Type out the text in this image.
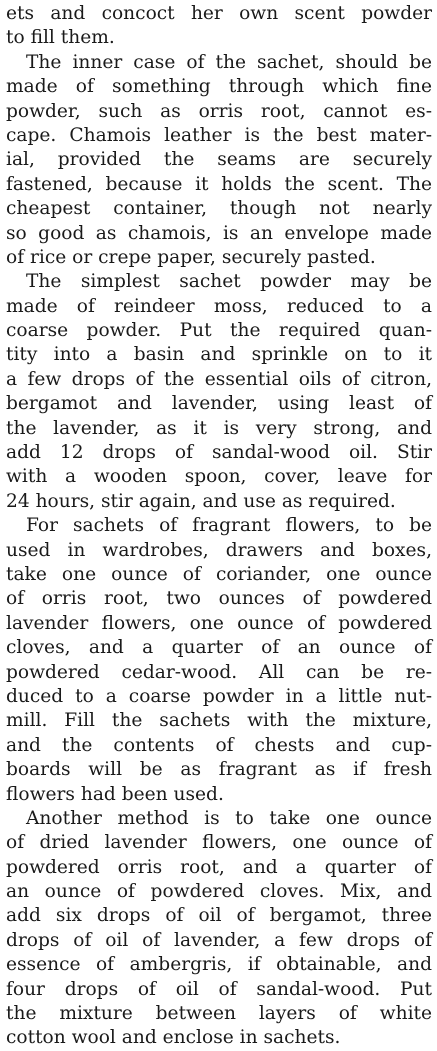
ets and concoct her own scent powder
to fill them.
The inner case of the sachet, should be
made of something through which fine
powder, such as orris root, cannot es-
cape. Chamois leather is the best mater-
ial, provided the seams are securely
fastened, because it holds the scent. The
cheapest container, though not nearly
so good as chamois, is an envelope made
of rice or crepe paper, securely pasted.
The simplest sachet powder may be
made of reindeer moss, reduced to a
coarse powder. Put the required quan-
tity into a basin and sprinkle on to it
a few drops of the essential oils of citron,
bergamot and lavender, using least of
the lavender, as it is very strong, and
add 12 drops of sandal-wood oil. Stir
with a wooden spoon, cover, leave for
24 hours, stir again, and use as required.
For sachets of fragrant flowers, to be
used in wardrobes, drawers and boxes,
take one ounce of coriander, one ounce
of orris root, two ounces of powdered
lavender flowers, one ounce of powdered
cloves, and a quarter of an ounce of
powdered cedar-wood. All can be re-
duced to a coarse powder in a little nut-
mill. Fill the sachets with the mixture,
and the contents of chests and cup-
boards will be as fragrant as if fresh
flowers had been used.
Another method is to take one ounce
of dried lavender flowers, one ounce of
powdered orris root, and a quarter of
an ounce of powdered cloves. Mix, and
add six drops of oil of bergamot, three
drops of oil of lavender, a few drops of
essence of ambergris, if obtainable, and
four drops of oil of sandal-wood. Put
the mixture between layers of white
cotton wool and enclose in sachets.
